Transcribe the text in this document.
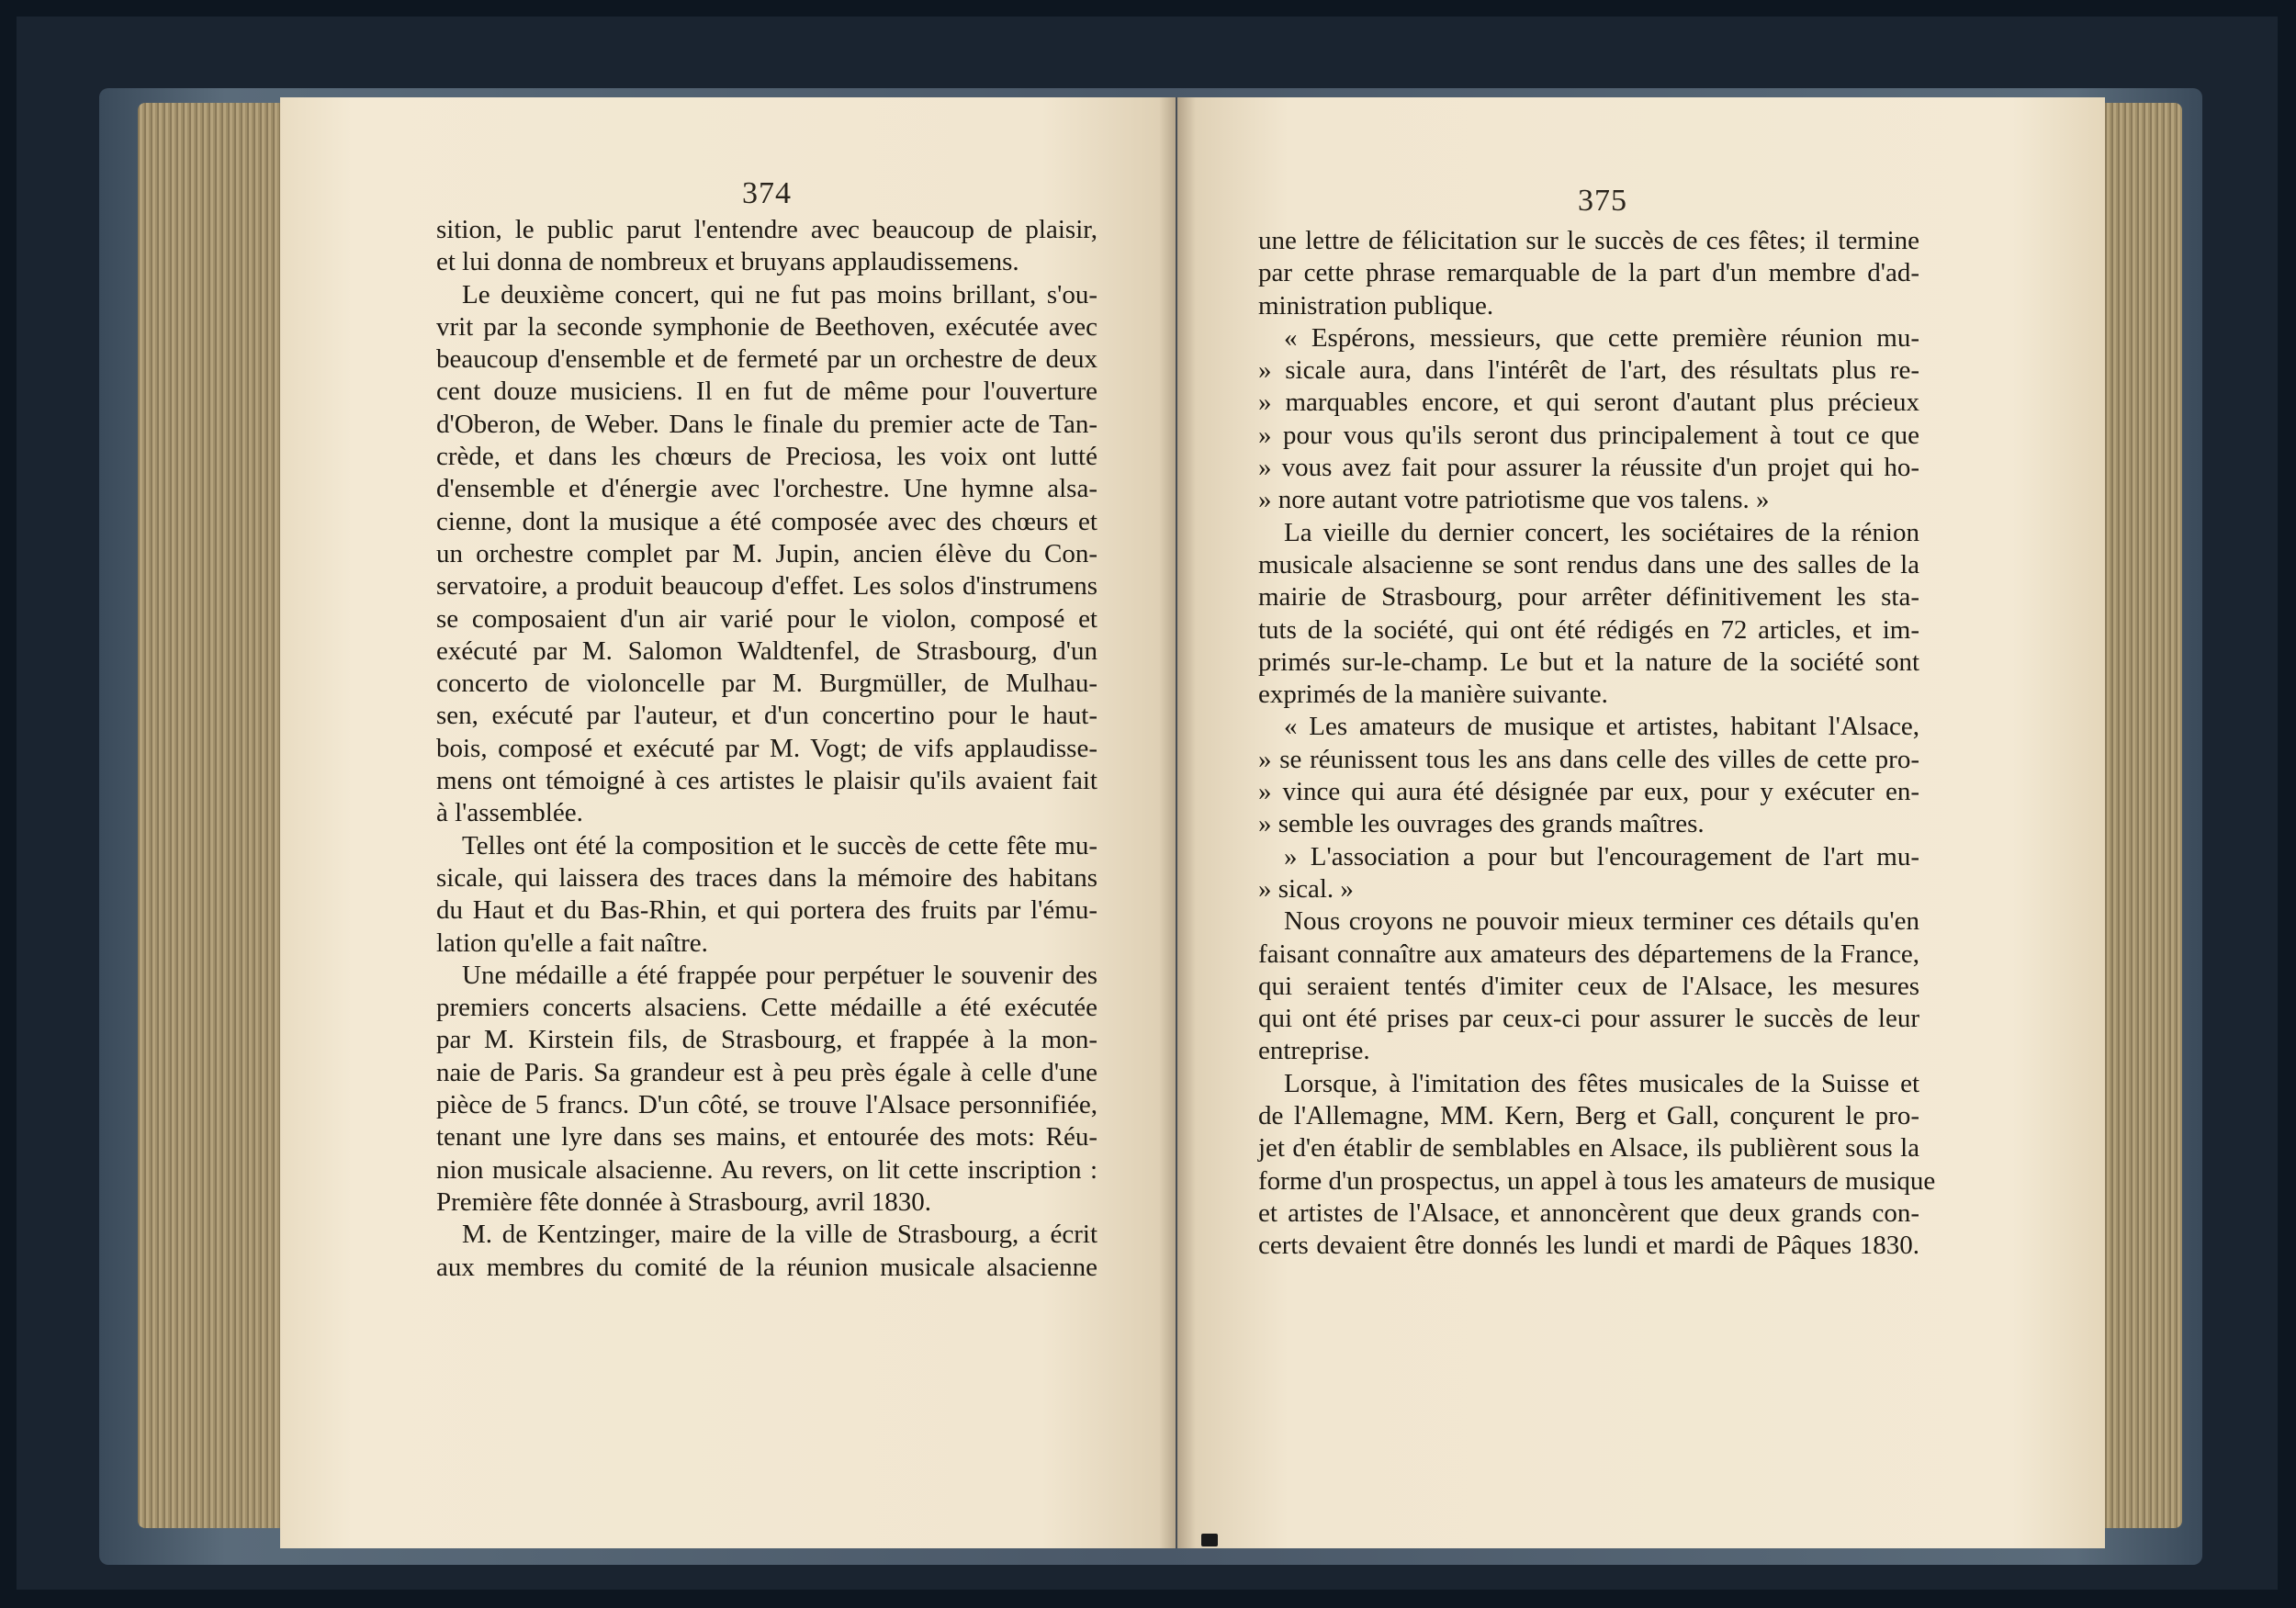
374	375
sition, le public parut l'entendre avec beaucoup de plaisir,
et lui donna de nombreux et bruyans applaudissemens.
Le deuxième concert, qui ne fut pas moins brillant, s'ou-
vrit par la seconde symphonie de Beethoven, exécutée avec
beaucoup d'ensemble et de fermeté par un orchestre de deux
cent douze musiciens. Il en fut de même pour l'ouverture
d'Oberon, de Weber. Dans le finale du premier acte de Tan-
crède, et dans les chœurs de Preciosa, les voix ont lutté
d'ensemble et d'énergie avec l'orchestre. Une hymne alsa-
cienne, dont la musique a été composée avec des chœurs et
un orchestre complet par M. Jupin, ancien élève du Con-
servatoire, a produit beaucoup d'effet. Les solos d'instrumens
se composaient d'un air varié pour le violon, composé et
exécuté par M. Salomon Waldtenfel, de Strasbourg, d'un
concerto de violoncelle par M. Burgmüller, de Mulhau-
sen, exécuté par l'auteur, et d'un concertino pour le haut-
bois, composé et exécuté par M. Vogt; de vifs applaudisse-
mens ont témoigné à ces artistes le plaisir qu'ils avaient fait
à l'assemblée.
Telles ont été la composition et le succès de cette fête mu-
sicale, qui laissera des traces dans la mémoire des habitans
du Haut et du Bas-Rhin, et qui portera des fruits par l'ému-
lation qu'elle a fait naître.
Une médaille a été frappée pour perpétuer le souvenir des
premiers concerts alsaciens. Cette médaille a été exécutée
par M. Kirstein fils, de Strasbourg, et frappée à la mon-
naie de Paris. Sa grandeur est à peu près égale à celle d'une
pièce de 5 francs. D'un côté, se trouve l'Alsace personnifiée,
tenant une lyre dans ses mains, et entourée des mots: Réu-
nion musicale alsacienne. Au revers, on lit cette inscription :
Première fête donnée à Strasbourg, avril 1830.
M. de Kentzinger, maire de la ville de Strasbourg, a écrit
aux membres du comité de la réunion musicale alsacienne
une lettre de félicitation sur le succès de ces fêtes; il termine
par cette phrase remarquable de la part d'un membre d'ad-
ministration publique.
« Espérons, messieurs, que cette première réunion mu-
» sicale aura, dans l'intérêt de l'art, des résultats plus re-
» marquables encore, et qui seront d'autant plus précieux
» pour vous qu'ils seront dus principalement à tout ce que
» vous avez fait pour assurer la réussite d'un projet qui ho-
» nore autant votre patriotisme que vos talens. »
La vieille du dernier concert, les sociétaires de la rénion
musicale alsacienne se sont rendus dans une des salles de la
mairie de Strasbourg, pour arrêter définitivement les sta-
tuts de la société, qui ont été rédigés en 72 articles, et im-
primés sur-le-champ. Le but et la nature de la société sont
exprimés de la manière suivante.
« Les amateurs de musique et artistes, habitant l'Alsace,
» se réunissent tous les ans dans celle des villes de cette pro-
» vince qui aura été désignée par eux, pour y exécuter en-
» semble les ouvrages des grands maîtres.
» L'association a pour but l'encouragement de l'art mu-
» sical. »
Nous croyons ne pouvoir mieux terminer ces détails qu'en
faisant connaître aux amateurs des départemens de la France,
qui seraient tentés d'imiter ceux de l'Alsace, les mesures
qui ont été prises par ceux-ci pour assurer le succès de leur
entreprise.
Lorsque, à l'imitation des fêtes musicales de la Suisse et
de l'Allemagne, MM. Kern, Berg et Gall, conçurent le pro-
jet d'en établir de semblables en Alsace, ils publièrent sous la
forme d'un prospectus, un appel à tous les amateurs de musique
et artistes de l'Alsace, et annoncèrent que deux grands con-
certs devaient être donnés les lundi et mardi de Pâques 1830.
